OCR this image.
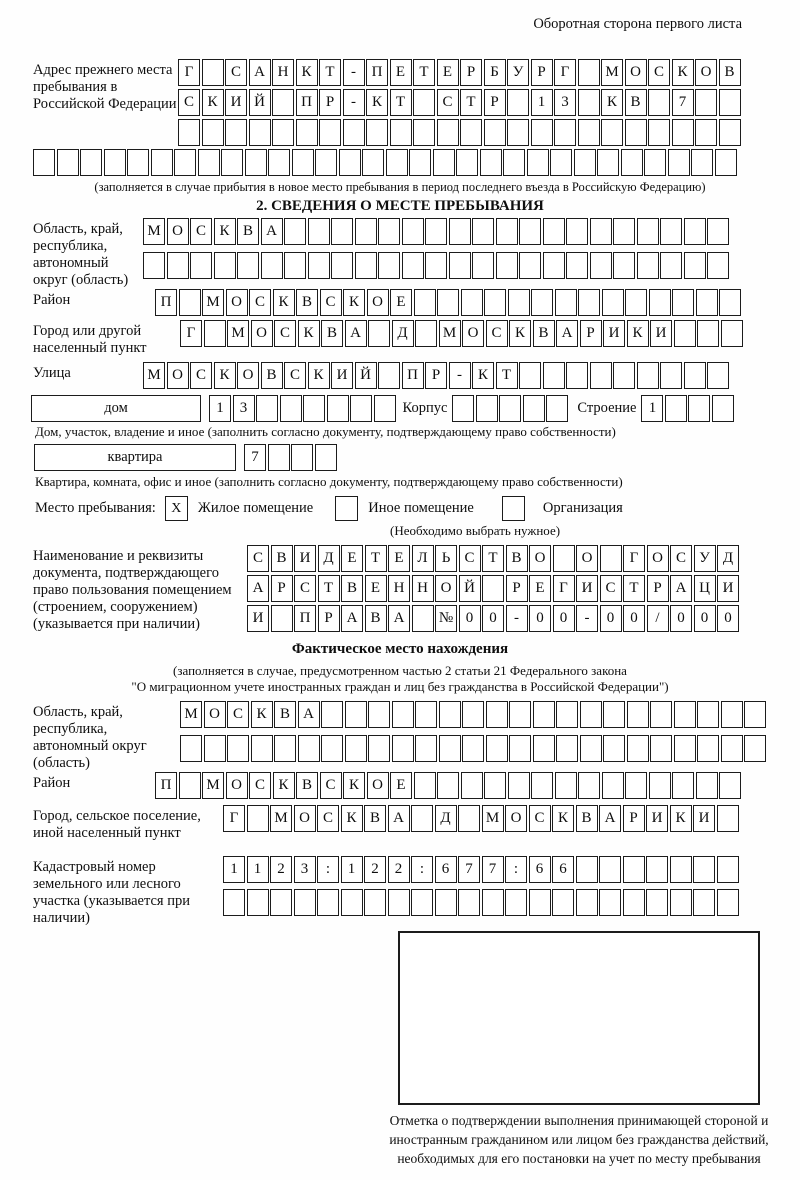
Оборотная сторона первого листа
Адрес прежнего места пребывания в Российской Федерации
Г	С А Н К Т	-	П Е Т Е Р	Б У Р Г	М О С К О В
С К И Й	П Р	-	К Т	С Т Р	1	3	К В	7
(заполняется в случае прибытия в новое место пребывания в период последнего въезда в Российскую Федерацию)
2. СВЕДЕНИЯ О МЕСТЕ ПРЕБЫВАНИЯ
Область, край, республика, автономный округ (область)
М О С К В А
Район	П	М О С К В С К О Е
Город или другой населенный пункт
Г	М О С К В А	Д	М О С К В А Р И К И
Улица	М О С К О В С К И Й	П Р	-	К Т
дом	1	3	Корпус	Строение 1
Дом, участок, владение и иное (заполнить согласно документу, подтверждающему право собственности)
квартира	7
Квартира, комната, офис и иное (заполнить согласно документу, подтверждающему право собственности)
Место пребывания:	X	Жилое помещение	Иное помещение	Организация
(Необходимо выбрать нужное)
Наименование и реквизиты документа, подтверждающего право пользования помещением (строением, сооружением) (указывается при наличии)
С В И Д Е Т Е Л Ь С Т В О	О	Г О С У Д
А Р С Т В Е Н Н О Й	Р Е Г И С Т Р А Ц И
И	П Р А В А	№ 0	0	-	0	0	-	0	0	/	0	0	0
Фактическое место нахождения
(заполняется в случае, предусмотренном частью 2 статьи 21 Федерального закона
"О миграционном учете иностранных граждан и лиц без гражданства в Российской Федерации")
Область, край, республика, автономный округ (область)
М О С К В А
Район	П	М О С К В С К О Е
Город, сельское поселение, иной населенный пункт
Г	М О С К В А	Д	М О С К В А Р И К И
Кадастровый номер земельного или лесного участка (указывается при наличии)
1	1	2	3	:	1	2	2	:	6	7	7	:	6	6
Отметка о подтверждении выполнения принимающей стороной и иностранным гражданином или лицом без гражданства действий, необходимых для его постановки на учет по месту пребывания
